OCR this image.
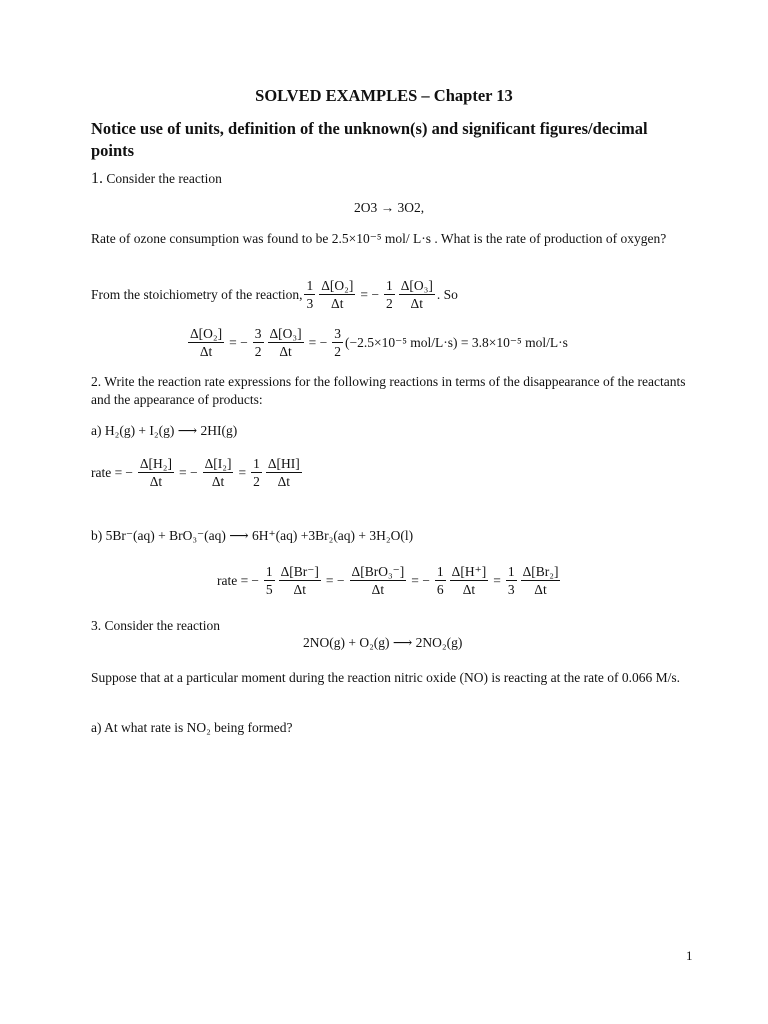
SOLVED EXAMPLES – Chapter 13
Notice use of units, definition of the unknown(s) and significant figures/decimal points
1. Consider the reaction
2O3 → 3O2,
Rate of ozone consumption was found to be 2.5×10⁻⁵ mol/ L·s . What is the rate of production of oxygen?
From the stoichiometry of the reaction, $\frac{1}{3} \frac{\text{Δ[O₂]}}{\Delta t}$ = − $\frac{1}{2} \frac{\text{Δ[O₃]}}{\Delta t}$ . So
$\frac{\text{Δ[O₂]}}{\Delta t}$ = − $\frac{3}{2} \frac{\text{Δ[O₃]}}{\Delta t}$ = − $\frac{3}{2} (-2.5\times 10^{-5}$ mol/L·s) = 3.8×10⁻⁵ mol/L·s
2. Write the reaction rate expressions for the following reactions in terms of the disappearance of the reactants and the appearance of products:
a) H₂(g) + I₂(g) ⟶ 2HI(g)
rate = − $\frac{\text{Δ[H₂]}}{\Delta t}$ = − $\frac{\text{Δ[I₂]}}{\Delta t} = \frac{1}{2} \frac{\Delta[HI]}{\Delta t}$
b) 5Br⁻(aq) + BrO₃⁻(aq) ⟶ 6H⁺(aq) +3Br₂(aq) + 3H₂O(l)
rate = − $\frac{1}{5} \frac{\Delta[Br^-]}{\Delta t}$ = − $\frac{\text{Δ[BrO₃⁻]}}{\Delta t}$ = − $\frac{1}{6} \frac{\Delta[H^+]}{\Delta t} = \frac{1}{3} \frac{\text{Δ[Br₂]}}{\Delta t}$
3. Consider the reaction
2NO(g) + O₂(g) ⟶ 2NO₂(g)
Suppose that at a particular moment during the reaction nitric oxide (NO) is reacting at the rate of 0.066 M/s.
a) At what rate is NO₂ being formed?
1
